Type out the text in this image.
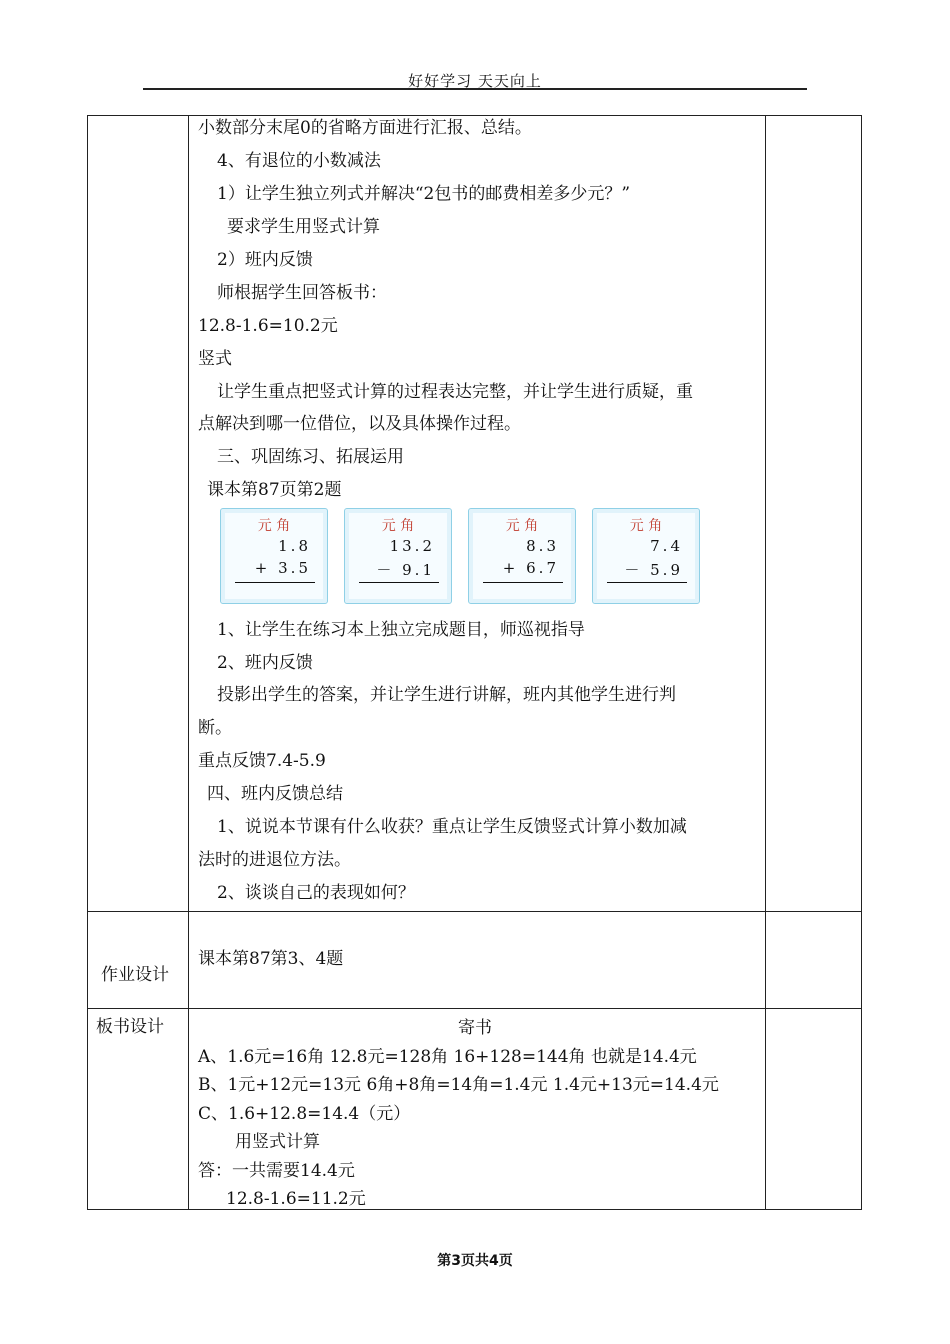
好好学习 天天向上
小数部分末尾0的省略方面进行汇报、总结。
4、有退位的小数减法
1）让学生独立列式并解决“2包书的邮费相差多少元？”
要求学生用竖式计算
2）班内反馈
师根据学生回答板书：
12.8-1.6=10.2元
竖式
让学生重点把竖式计算的过程表达完整，并让学生进行质疑，重
点解决到哪一位借位，以及具体操作过程。
三、巩固练习、拓展运用
课本第87页第2题
元 角
1.8
+ 3.5
元 角
13.2
－ 9.1
元 角
8.3
+ 6.7
元 角
7.4
－ 5.9
1、让学生在练习本上独立完成题目，师巡视指导
2、班内反馈
投影出学生的答案，并让学生进行讲解，班内其他学生进行判
断。
重点反馈7.4-5.9
四、班内反馈总结
1、说说本节课有什么收获？重点让学生反馈竖式计算小数加减
法时的进退位方法。
2、谈谈自己的表现如何？
作业设计
课本第87第3、4题
板书设计	寄书
A、1.6元=16角 12.8元=128角 16+128=144角 也就是14.4元
B、1元+12元=13元 6角+8角=14角=1.4元 1.4元+13元=14.4元
C、1.6+12.8=14.4（元）
用竖式计算
答：一共需要14.4元
12.8-1.6=11.2元
第3页共4页
